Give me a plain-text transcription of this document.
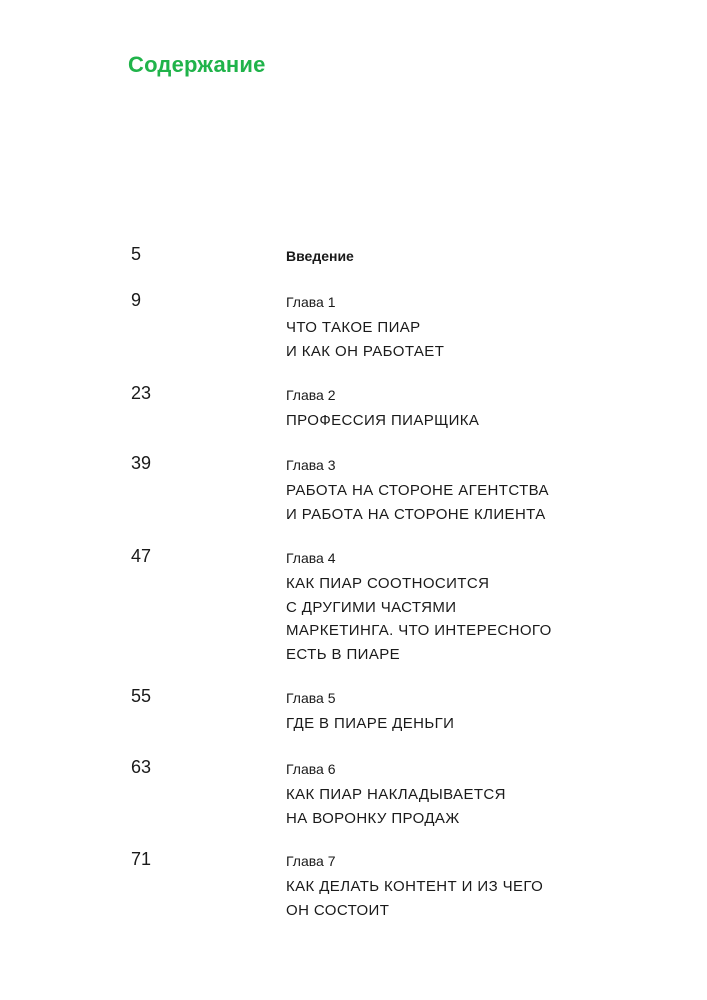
Содержание
5	Введение
9	Глава 1
ЧТО ТАКОЕ ПИАР
И КАК ОН РАБОТАЕТ
23	Глава 2
ПРОФЕССИЯ ПИАРЩИКА
39	Глава 3
РАБОТА НА СТОРОНЕ АГЕНТСТВА
И РАБОТА НА СТОРОНЕ КЛИЕНТА
47	Глава 4
КАК ПИАР СООТНОСИТСЯ
С ДРУГИМИ ЧАСТЯМИ
МАРКЕТИНГА. ЧТО ИНТЕРЕСНОГО
ЕСТЬ В ПИАРЕ
55	Глава 5
ГДЕ В ПИАРЕ ДЕНЬГИ
63	Глава 6
КАК ПИАР НАКЛАДЫВАЕТСЯ
НА ВОРОНКУ ПРОДАЖ
71	Глава 7
КАК ДЕЛАТЬ КОНТЕНТ И ИЗ ЧЕГО
ОН СОСТОИТ
